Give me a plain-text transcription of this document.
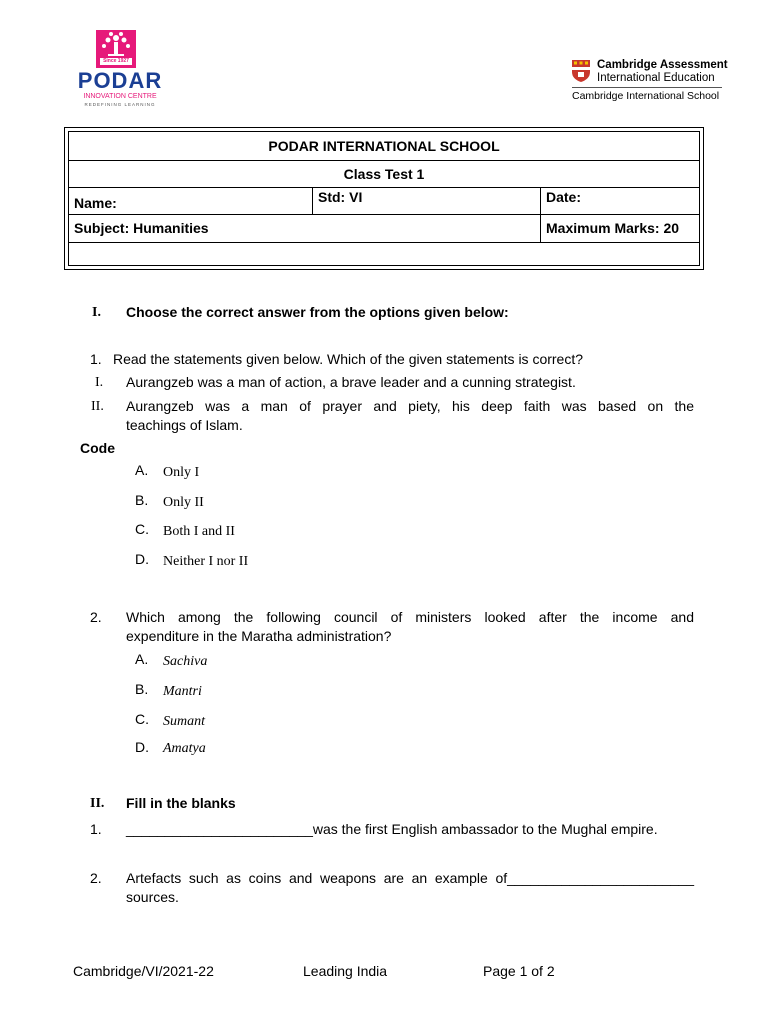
Since 1927
PODAR
INNOVATION CENTRE
REDEFINING LEARNING
Cambridge Assessment
International Education
Cambridge International School
PODAR INTERNATIONAL SCHOOL
Class Test 1
Name:	Std: VI	Date:
Subject: Humanities	Maximum Marks: 20
I. Choose the correct answer from the options given below:
1. Read the statements given below. Which of the given statements is correct?
I. Aurangzeb was a man of action, a brave leader and a cunning strategist.
II. Aurangzeb was a man of prayer and piety, his deep faith was based on the
teachings of Islam.
Code
A. Only I
B. Only II
C. Both I and II
D. Neither I nor II
2. Which among the following council of ministers looked after the income and
expenditure in the Maratha administration?
A. Sachiva
B. Mantri
C. Sumant
D. Amatya
II. Fill in the blanks
1. ________________________was the first English ambassador to the Mughal empire.
2. Artefacts such as coins and weapons are an example of________________________
sources.
Cambridge/VI/2021-22	Leading India	Page 1 of 2
